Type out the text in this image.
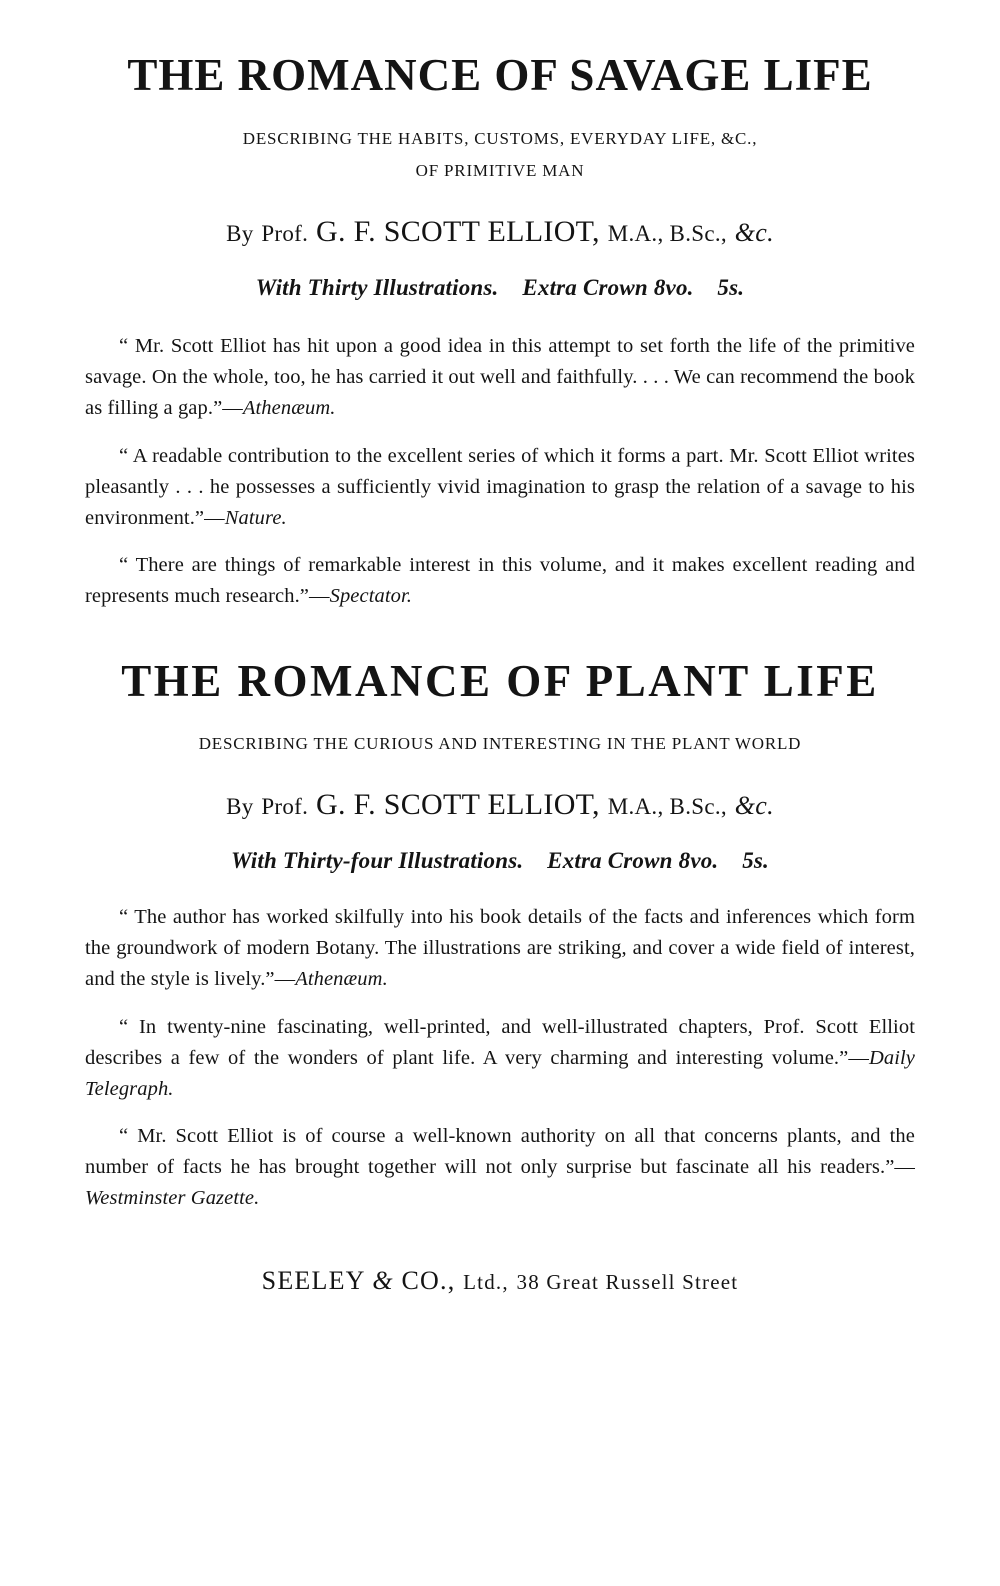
THE ROMANCE OF SAVAGE LIFE
DESCRIBING THE HABITS, CUSTOMS, EVERYDAY LIFE, &C.,
OF PRIMITIVE MAN
By Prof. G. F. SCOTT ELLIOT, M.A., B.Sc., &c.
With Thirty Illustrations. Extra Crown 8vo. 5s.

“ Mr. Scott Elliot has hit upon a good idea in this attempt to set forth the life of the primitive savage. On the whole, too, he has carried it out well and faithfully. . . . We can recommend the book as filling a gap.”—Athenæum.

“ A readable contribution to the excellent series of which it forms a part. Mr. Scott Elliot writes pleasantly . . . he possesses a sufficiently vivid imagination to grasp the relation of a savage to his environment.”—Nature.

“ There are things of remarkable interest in this volume, and it makes excellent reading and represents much research.”—Spectator.

THE ROMANCE OF PLANT LIFE
DESCRIBING THE CURIOUS AND INTERESTING IN THE PLANT WORLD
By Prof. G. F. SCOTT ELLIOT, M.A., B.Sc., &c.
With Thirty-four Illustrations. Extra Crown 8vo. 5s.

“ The author has worked skilfully into his book details of the facts and inferences which form the groundwork of modern Botany. The illustrations are striking, and cover a wide field of interest, and the style is lively.”—Athenæum.

“ In twenty-nine fascinating, well-printed, and well-illustrated chapters, Prof. Scott Elliot describes a few of the wonders of plant life. A very charming and interesting volume.”—Daily Telegraph.

“ Mr. Scott Elliot is of course a well-known authority on all that concerns plants, and the number of facts he has brought together will not only surprise but fascinate all his readers.”—Westminster Gazette.

SEELEY & CO., Ltd., 38 Great Russell Street
